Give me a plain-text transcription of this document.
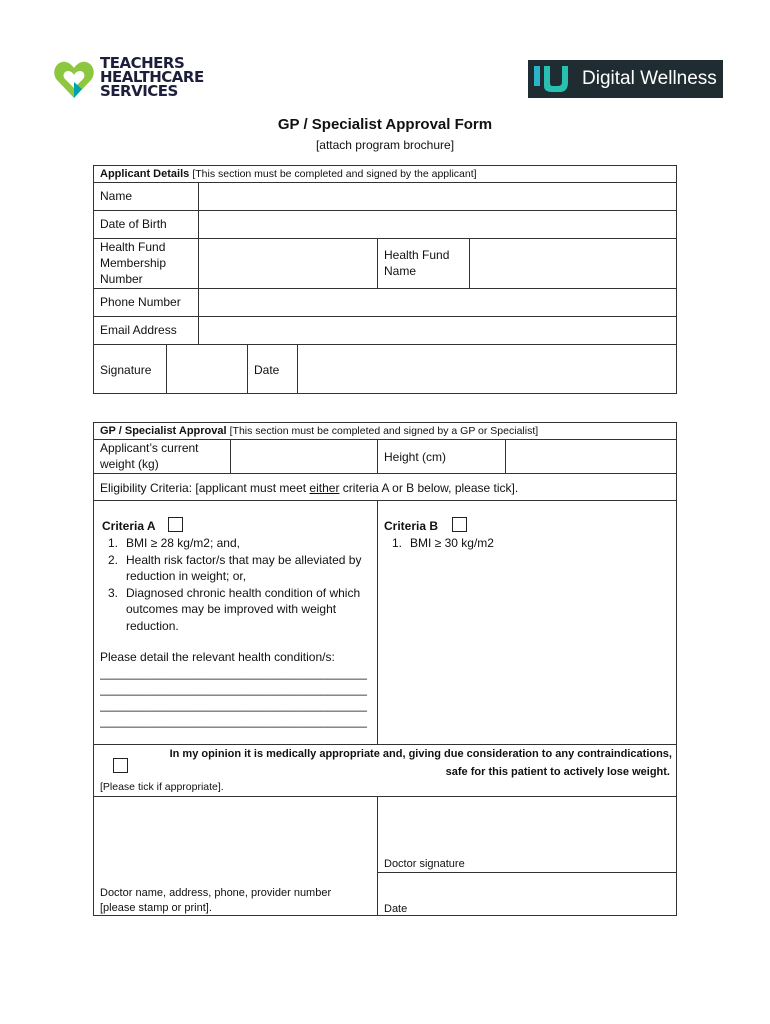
TEACHERS
HEALTHCARE
SERVICES
Digital Wellness
GP / Specialist Approval Form
[attach program brochure]
Applicant Details [This section must be completed and signed by the applicant]
Name
Date of Birth
Health Fund Membership Number
Health Fund Name
Phone Number
Email Address
Signature	Date
GP / Specialist Approval [This section must be completed and signed by a GP or Specialist]
Applicant’s current weight (kg)	Height (cm)
Eligibility Criteria: [applicant must meet either criteria A or B below, please tick].
Criteria A
1. BMI ≥ 28 kg/m2; and,
2. Health risk factor/s that may be alleviated by reduction in weight; or,
3. Diagnosed chronic health condition of which outcomes may be improved with weight reduction.
Please detail the relevant health condition/s:
________________________________________
________________________________________
________________________________________
________________________________________
Criteria B
1. BMI ≥ 30 kg/m2
In my opinion it is medically appropriate and, giving due consideration to any contraindications,
safe for this patient to actively lose weight.
[Please tick if appropriate].
Doctor name, address, phone, provider number
[please stamp or print].
Doctor signature
Date
